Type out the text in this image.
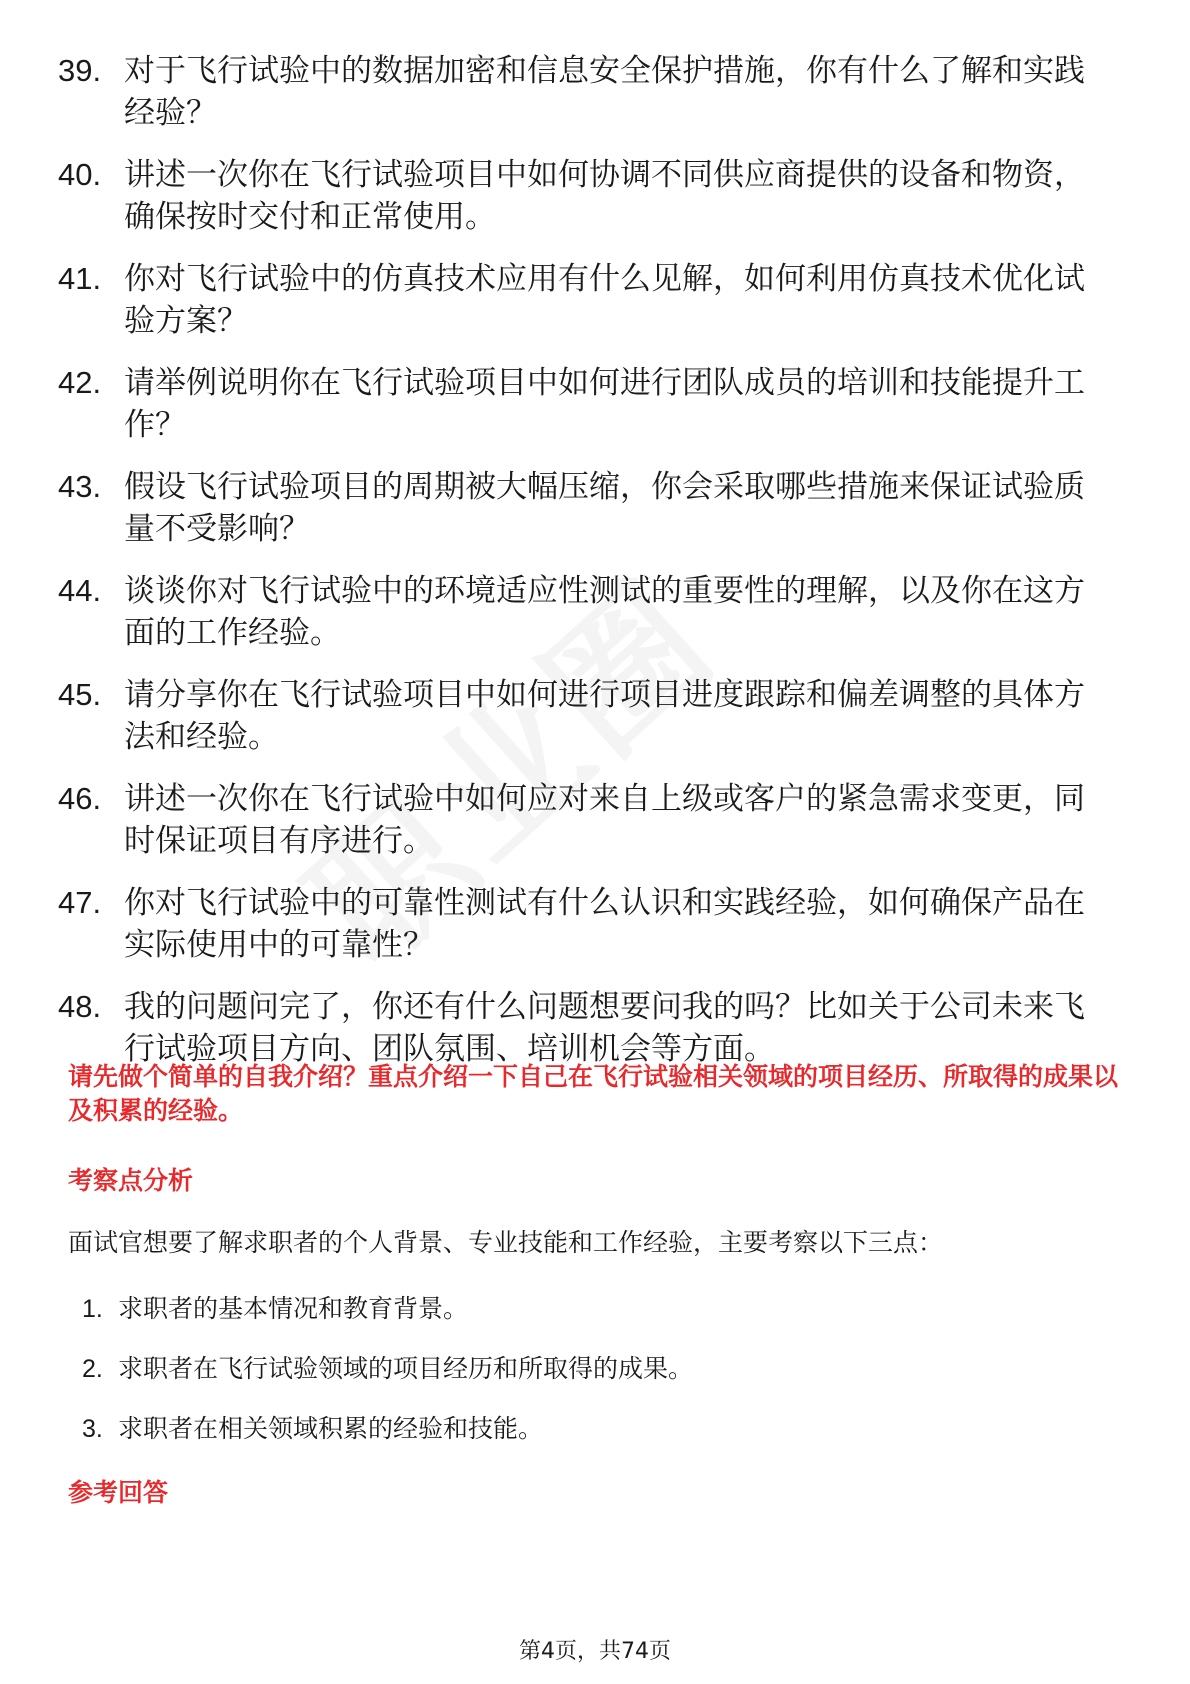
39. 对于飞行试验中的数据加密和信息安全保护措施，你有什么了解和实践经验？
40. 讲述一次你在飞行试验项目中如何协调不同供应商提供的设备和物资，确保按时交付和正常使用。
41. 你对飞行试验中的仿真技术应用有什么见解，如何利用仿真技术优化试验方案？
42. 请举例说明你在飞行试验项目中如何进行团队成员的培训和技能提升工作？
43. 假设飞行试验项目的周期被大幅压缩，你会采取哪些措施来保证试验质量不受影响？
44. 谈谈你对飞行试验中的环境适应性测试的重要性的理解，以及你在这方面的工作经验。
45. 请分享你在飞行试验项目中如何进行项目进度跟踪和偏差调整的具体方法和经验。
46. 讲述一次你在飞行试验中如何应对来自上级或客户的紧急需求变更，同时保证项目有序进行。
47. 你对飞行试验中的可靠性测试有什么认识和实践经验，如何确保产品在实际使用中的可靠性？
48. 我的问题问完了，你还有什么问题想要问我的吗？比如关于公司未来飞行试验项目方向、团队氛围、培训机会等方面。

请先做个简单的自我介绍？重点介绍一下自己在飞行试验相关领域的项目经历、所取得的成果以及积累的经验。

考察点分析

面试官想要了解求职者的个人背景、专业技能和工作经验，主要考察以下三点：

1. 求职者的基本情况和教育背景。
2. 求职者在飞行试验领域的项目经历和所取得的成果。
3. 求职者在相关领域积累的经验和技能。
参考回答
第4页，共74页
